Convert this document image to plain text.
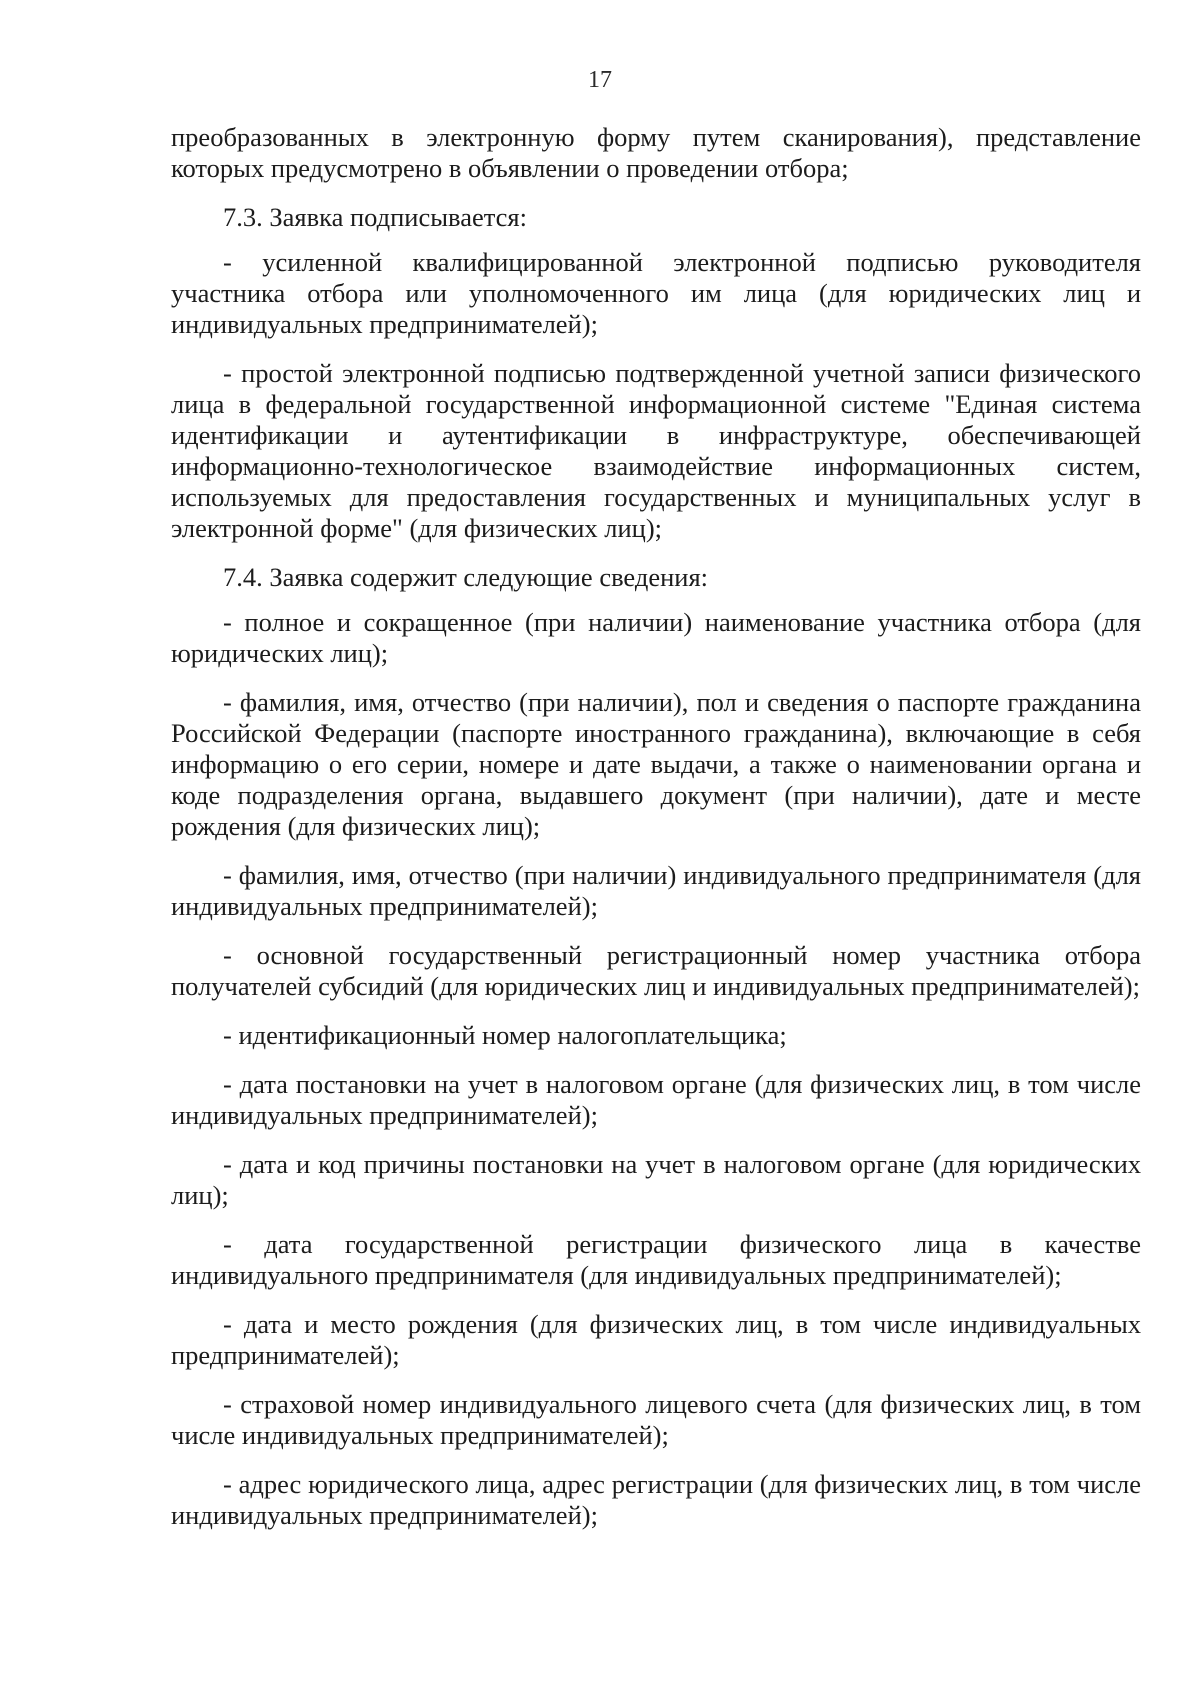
17

преобразованных в электронную форму путем сканирования), представление которых предусмотрено в объявлении о проведении отбора;

7.3. Заявка подписывается:

- усиленной квалифицированной электронной подписью руководителя участника отбора или уполномоченного им лица (для юридических лиц и индивидуальных предпринимателей);

- простой электронной подписью подтвержденной учетной записи физического лица в федеральной государственной информационной системе "Единая система идентификации и аутентификации в инфраструктуре, обеспечивающей информационно-технологическое взаимодействие информационных систем, используемых для предоставления государственных и муниципальных услуг в электронной форме" (для физических лиц);

7.4. Заявка содержит следующие сведения:

- полное и сокращенное (при наличии) наименование участника отбора (для юридических лиц);

- фамилия, имя, отчество (при наличии), пол и сведения о паспорте гражданина Российской Федерации (паспорте иностранного гражданина), включающие в себя информацию о его серии, номере и дате выдачи, а также о наименовании органа и коде подразделения органа, выдавшего документ (при наличии), дате и месте рождения (для физических лиц);

- фамилия, имя, отчество (при наличии) индивидуального предпринимателя (для индивидуальных предпринимателей);

- основной государственный регистрационный номер участника отбора получателей субсидий (для юридических лиц и индивидуальных предпринимателей);

- идентификационный номер налогоплательщика;

- дата постановки на учет в налоговом органе (для физических лиц, в том числе индивидуальных предпринимателей);

- дата и код причины постановки на учет в налоговом органе (для юридических лиц);

- дата государственной регистрации физического лица в качестве индивидуального предпринимателя (для индивидуальных предпринимателей);

- дата и место рождения (для физических лиц, в том числе индивидуальных предпринимателей);

- страховой номер индивидуального лицевого счета (для физических лиц, в том числе индивидуальных предпринимателей);

- адрес юридического лица, адрес регистрации (для физических лиц, в том числе индивидуальных предпринимателей);
